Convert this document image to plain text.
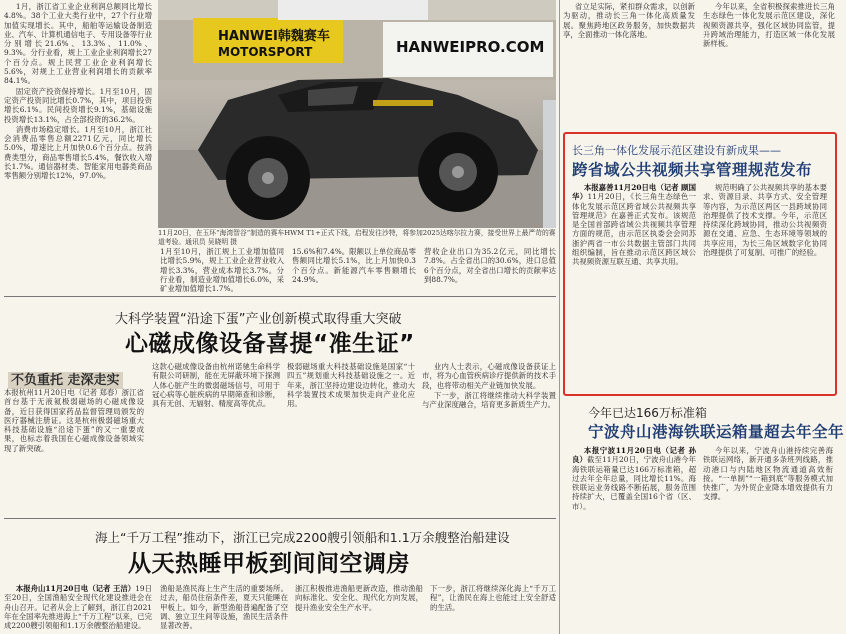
1月，浙江省工业企业利润总额同比增长4.8%。38个工业大类行业中，27个行业增加值实现增长。其中，船舶等运输设备制造业、汽车、计算机通信电子、专用设备等行业分别增长21.6%、13.3%、11.0%、9.3%。分行业看，规上工业企业利润增长27个百分点。规上民营工业企业利润增长5.6%，对规上工业营业利润增长的贡献率84.1%。

固定资产投资保持增长。1月至10月，固定资产投资同比增长0.7%，其中，项目投资增长6.1%。民间投资增长9.1%，基础设施投资增长13.1%，占全部投资的36.2%。

消费市场稳定增长。1月至10月，浙江社会消费品零售总额2271亿元，同比增长5.0%，增速比上月加快0.6个百分点。按消费类型分，商品零售增长5.4%，餐饮收入增长1.7%。通信器材类、智能家用电器类商品零售额分别增长12%，97.0%。

HANWEI韩魏赛车
MOTORSPORT	HANWEIPRO.COM
11月20日，在玉环“海湾智谷”制造的赛车HWM T1+正式下线，启程发往沙特，将参加2025达喀尔拉力赛，接受世界上最严苛的赛道考验。通讯员 吴晓明 摄

省立足实际，紧扣群众需求，以创新为驱动，推动长三角一体化高质量发展。聚焦跨地区政务服务，加快数据共享，全面推动一体化落地。

今年以来，全省积极探索推进长三角生态绿色一体化发展示范区建设，深化视频资源共享，强化区域协同监管，提升跨域治理能力，打造区域一体化发展新样板。

1月至10月，浙江规上工业增加值同比增长5.9%，规上工业企业营业收入增长3.3%，营业成本增长3.7%。分行业看，制造业增加值增长6.0%，采矿业增加值增长1.7%。
15.6%和7.4%。限额以上单位商品零售额同比增长5.1%，比上月加快0.3个百分点。新能源汽车零售额增长24.9%。
营收企业出口为35.2亿元，同比增长7.8%。占全省出口的30.6%，进口总值6个百分点，对全省出口增长的贡献率达到88.7%。
长三角一体化发展示范区建设有新成果——
跨省域公共视频共享管理规范发布

本报嘉善11月20日电（记者 顾国华）11月20日，《长三角生态绿色一体化发展示范区跨省域公共视频共享管理规范》在嘉善正式发布。该规范是全国首部跨省域公共视频共享管理方面的规范，由示范区执委会会同苏浙沪两省一市公共数据主管部门共同组织编制，旨在推动示范区跨区域公共视频资源互联互通、共享共用。

规范明确了公共视频共享的基本要求、资源目录、共享方式、安全管理等内容，为示范区两区一县跨域协同治理提供了技术支撑。今年，示范区持续深化跨域协同，推动公共视频资源在交通、应急、生态环境等领域的共享应用，为长三角区域数字化协同治理提供了可复制、可推广的经验。

大科学装置“沿途下蛋”产业创新模式取得重大突破
心磁成像设备喜提“准生证”
不负重托 走深走实
本报杭州11月20日电（记者 郑春）浙江省首台基于无液氦极弱磁场的心磁成像设备，近日获得国家药品监督管理局颁发的医疗器械注册证。这是杭州极弱磁场重大科技基础设施“沿途下蛋”的又一重要成果，也标志着我国在心磁成像设备领域实现了新突破。
这款心磁成像设备由杭州诺驰生命科学有限公司研制，能在无屏蔽环境下探测人体心脏产生的微弱磁场信号，可用于冠心病等心脏疾病的早期筛查和诊断，具有无创、无辐射、精度高等优点。
极弱磁场重大科技基础设施是国家“十四五”规划重大科技基础设施之一。近年来，浙江坚持边建设边转化，推动大科学装置技术成果加快走向产业化应用。

业内人士表示，心磁成像设备获证上市，将为心血管疾病诊疗提供新的技术手段，也将带动相关产业链加快发展。

下一步，浙江将继续推动大科学装置与产业深度融合，培育更多新质生产力。

今年已达166万标准箱
宁波舟山港海铁联运箱量超去年全年

本报宁波11月20日电（记者 孙良）截至11月20日，宁波舟山港今年海铁联运箱量已达166万标准箱，超过去年全年总量，同比增长11%。海铁联运业务线路不断拓展，服务范围持续扩大，已覆盖全国16个省（区、市）。

今年以来，宁波舟山港持续完善海铁联运网络，新开通多条班列线路，推动港口与内陆地区物流通道高效衔接。“一单制”“一箱到底”等服务模式加快推广，为外贸企业降本增效提供有力支撑。

海上“千万工程”推动下，浙江已完成2200艘引领船和1.1万余艘整治船建设
从天热睡甲板到间间空调房

本报舟山11月20日电（记者 王洁）19日至20日，全国渔船安全现代化建设推进会在舟山召开。记者从会上了解到，浙江自2021年在全国率先推进海上“千万工程”以来，已完成2200艘引领船和1.1万余艘整治船建设。

渔船是渔民海上生产生活的重要场所。过去，船员住宿条件差，夏天只能睡在甲板上。如今，新型渔船普遍配备了空调、独立卫生间等设施，渔民生活条件显著改善。
浙江积极推进渔船更新改造，推动渔船向标准化、安全化、现代化方向发展，提升渔业安全生产水平。
下一步，浙江将继续深化海上“千万工程”，让渔民在海上也能过上安全舒适的生活。
